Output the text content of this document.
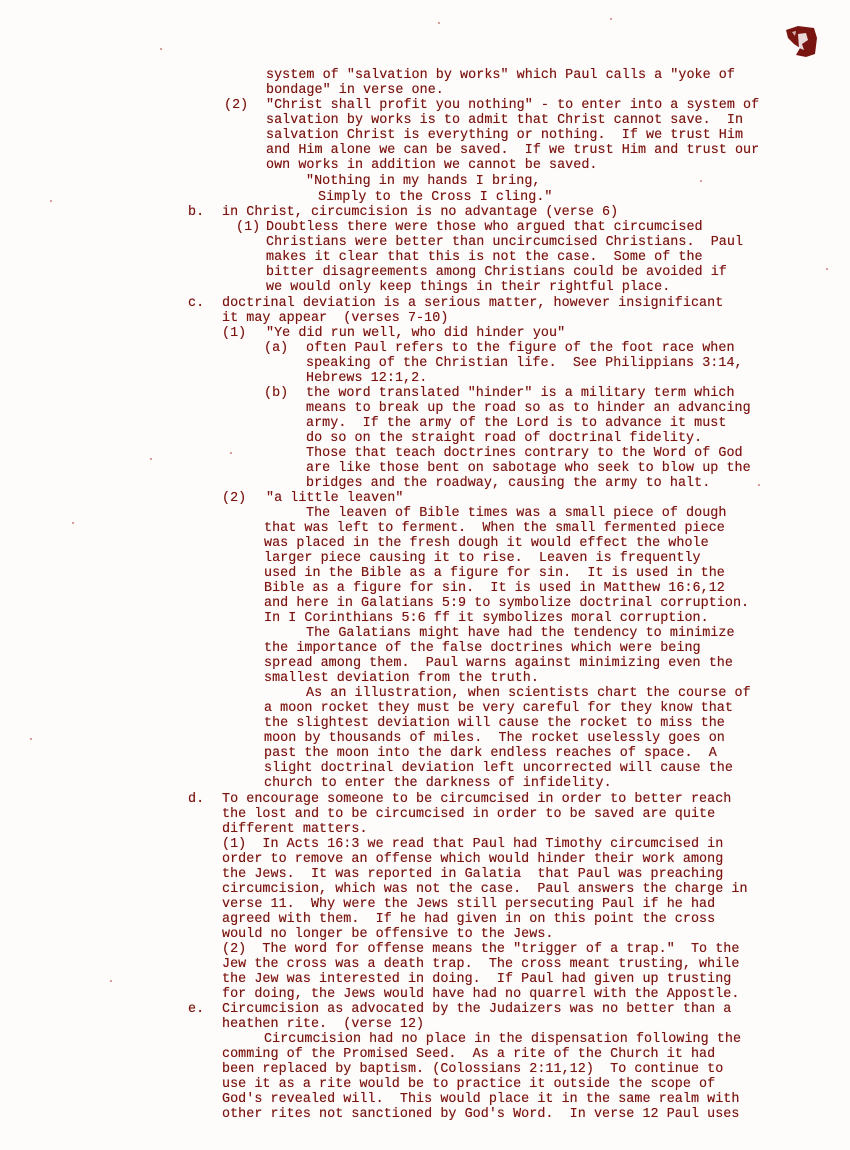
system of "salvation by works" which Paul calls a "yoke of
bondage" in verse one.
(2) "Christ shall profit you nothing" - to enter into a system of
salvation by works is to admit that Christ cannot save.  In
salvation Christ is everything or nothing.  If we trust Him
and Him alone we can be saved.  If we trust Him and trust our
own works in addition we cannot be saved.
"Nothing in my hands I bring,
Simply to the Cross I cling."
b. in Christ, circumcision is no advantage (verse 6)
(1) Doubtless there were those who argued that circumcised
Christians were better than uncircumcised Christians.  Paul
makes it clear that this is not the case.  Some of the
bitter disagreements among Christians could be avoided if
we would only keep things in their rightful place.
c. doctrinal deviation is a serious matter, however insignificant
it may appear  (verses 7-10)
(1) "Ye did run well, who did hinder you"
(a) often Paul refers to the figure of the foot race when
speaking of the Christian life.  See Philippians 3:14,
Hebrews 12:1,2.
(b) the word translated "hinder" is a military term which
means to break up the road so as to hinder an advancing
army.  If the army of the Lord is to advance it must
do so on the straight road of doctrinal fidelity.
Those that teach doctrines contrary to the Word of God
are like those bent on sabotage who seek to blow up the
bridges and the roadway, causing the army to halt.
(2) "a little leaven"
The leaven of Bible times was a small piece of dough
that was left to ferment.  When the small fermented piece
was placed in the fresh dough it would effect the whole
larger piece causing it to rise.  Leaven is frequently
used in the Bible as a figure for sin.  It is used in the
Bible as a figure for sin.  It is used in Matthew 16:6,12
and here in Galatians 5:9 to symbolize doctrinal corruption.
In I Corinthians 5:6 ff it symbolizes moral corruption.
The Galatians might have had the tendency to minimize
the importance of the false doctrines which were being
spread among them.  Paul warns against minimizing even the
smallest deviation from the truth.
As an illustration, when scientists chart the course of
a moon rocket they must be very careful for they know that
the slightest deviation will cause the rocket to miss the
moon by thousands of miles.  The rocket uselessly goes on
past the moon into the dark endless reaches of space.  A
slight doctrinal deviation left uncorrected will cause the
church to enter the darkness of infidelity.
d. To encourage someone to be circumcised in order to better reach
the lost and to be circumcised in order to be saved are quite
different matters.
(1)  In Acts 16:3 we read that Paul had Timothy circumcised in
order to remove an offense which would hinder their work among
the Jews.  It was reported in Galatia  that Paul was preaching
circumcision, which was not the case.  Paul answers the charge in
verse 11.  Why were the Jews still persecuting Paul if he had
agreed with them.  If he had given in on this point the cross
would no longer be offensive to the Jews.
(2)  The word for offense means the "trigger of a trap."  To the
Jew the cross was a death trap.  The cross meant trusting, while
the Jew was interested in doing.  If Paul had given up trusting
for doing, the Jews would have had no quarrel with the Appostle.
e. Circumcision as advocated by the Judaizers was no better than a
heathen rite.  (verse 12)
Circumcision had no place in the dispensation following the
comming of the Promised Seed.  As a rite of the Church it had
been replaced by baptism. (Colossians 2:11,12)  To continue to
use it as a rite would be to practice it outside the scope of
God's revealed will.  This would place it in the same realm with
other rites not sanctioned by God's Word.  In verse 12 Paul uses
